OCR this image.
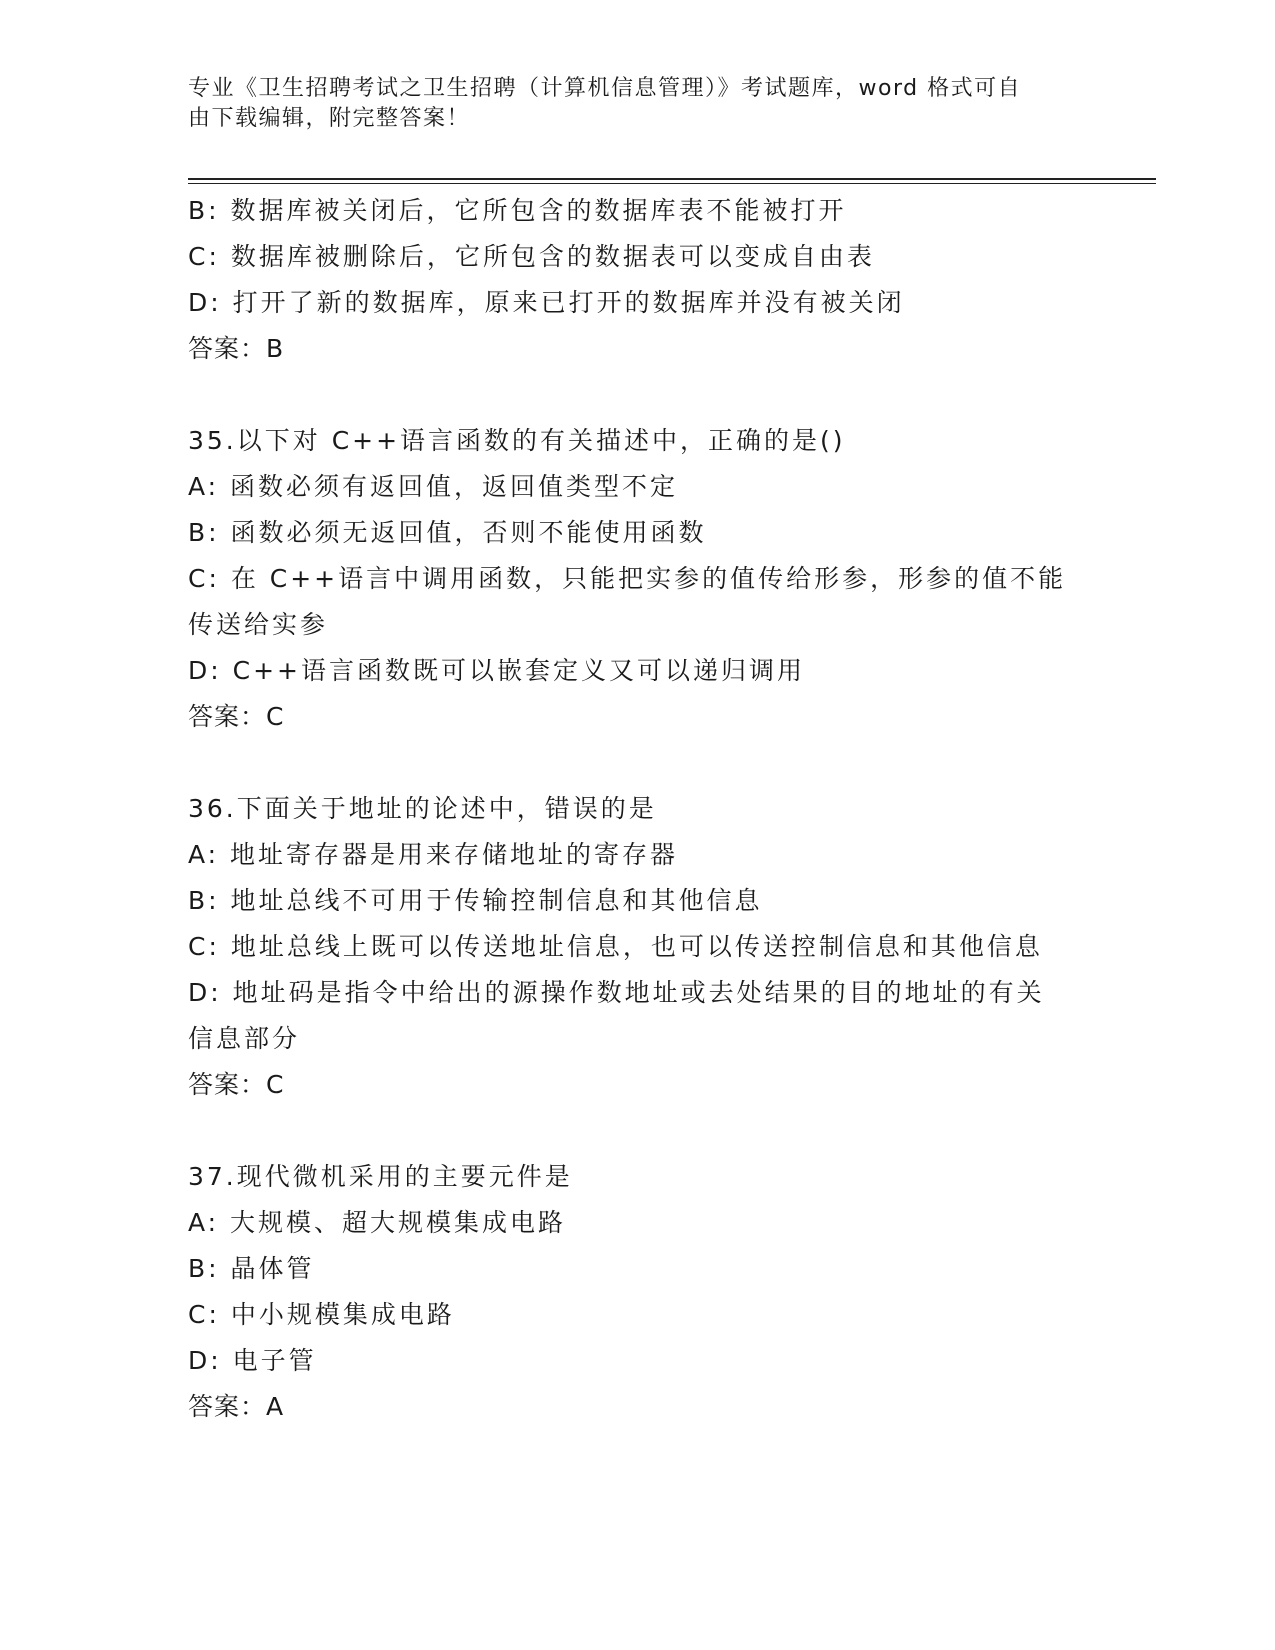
专业《卫生招聘考试之卫生招聘（计算机信息管理）》考试题库，word 格式可自
由下载编辑，附完整答案！
B: 数据库被关闭后，它所包含的数据库表不能被打开
C: 数据库被删除后，它所包含的数据表可以变成自由表
D: 打开了新的数据库，原来已打开的数据库并没有被关闭
答案：B
35.以下对 C++语言函数的有关描述中，正确的是()
A: 函数必须有返回值，返回值类型不定
B: 函数必须无返回值，否则不能使用函数
C: 在 C++语言中调用函数，只能把实参的值传给形参，形参的值不能
传送给实参
D: C++语言函数既可以嵌套定义又可以递归调用
答案：C
36.下面关于地址的论述中，错误的是
A: 地址寄存器是用来存储地址的寄存器
B: 地址总线不可用于传输控制信息和其他信息
C: 地址总线上既可以传送地址信息，也可以传送控制信息和其他信息
D: 地址码是指令中给出的源操作数地址或去处结果的目的地址的有关
信息部分
答案：C
37.现代微机采用的主要元件是
A: 大规模、超大规模集成电路
B: 晶体管
C: 中小规模集成电路
D: 电子管
答案：A
